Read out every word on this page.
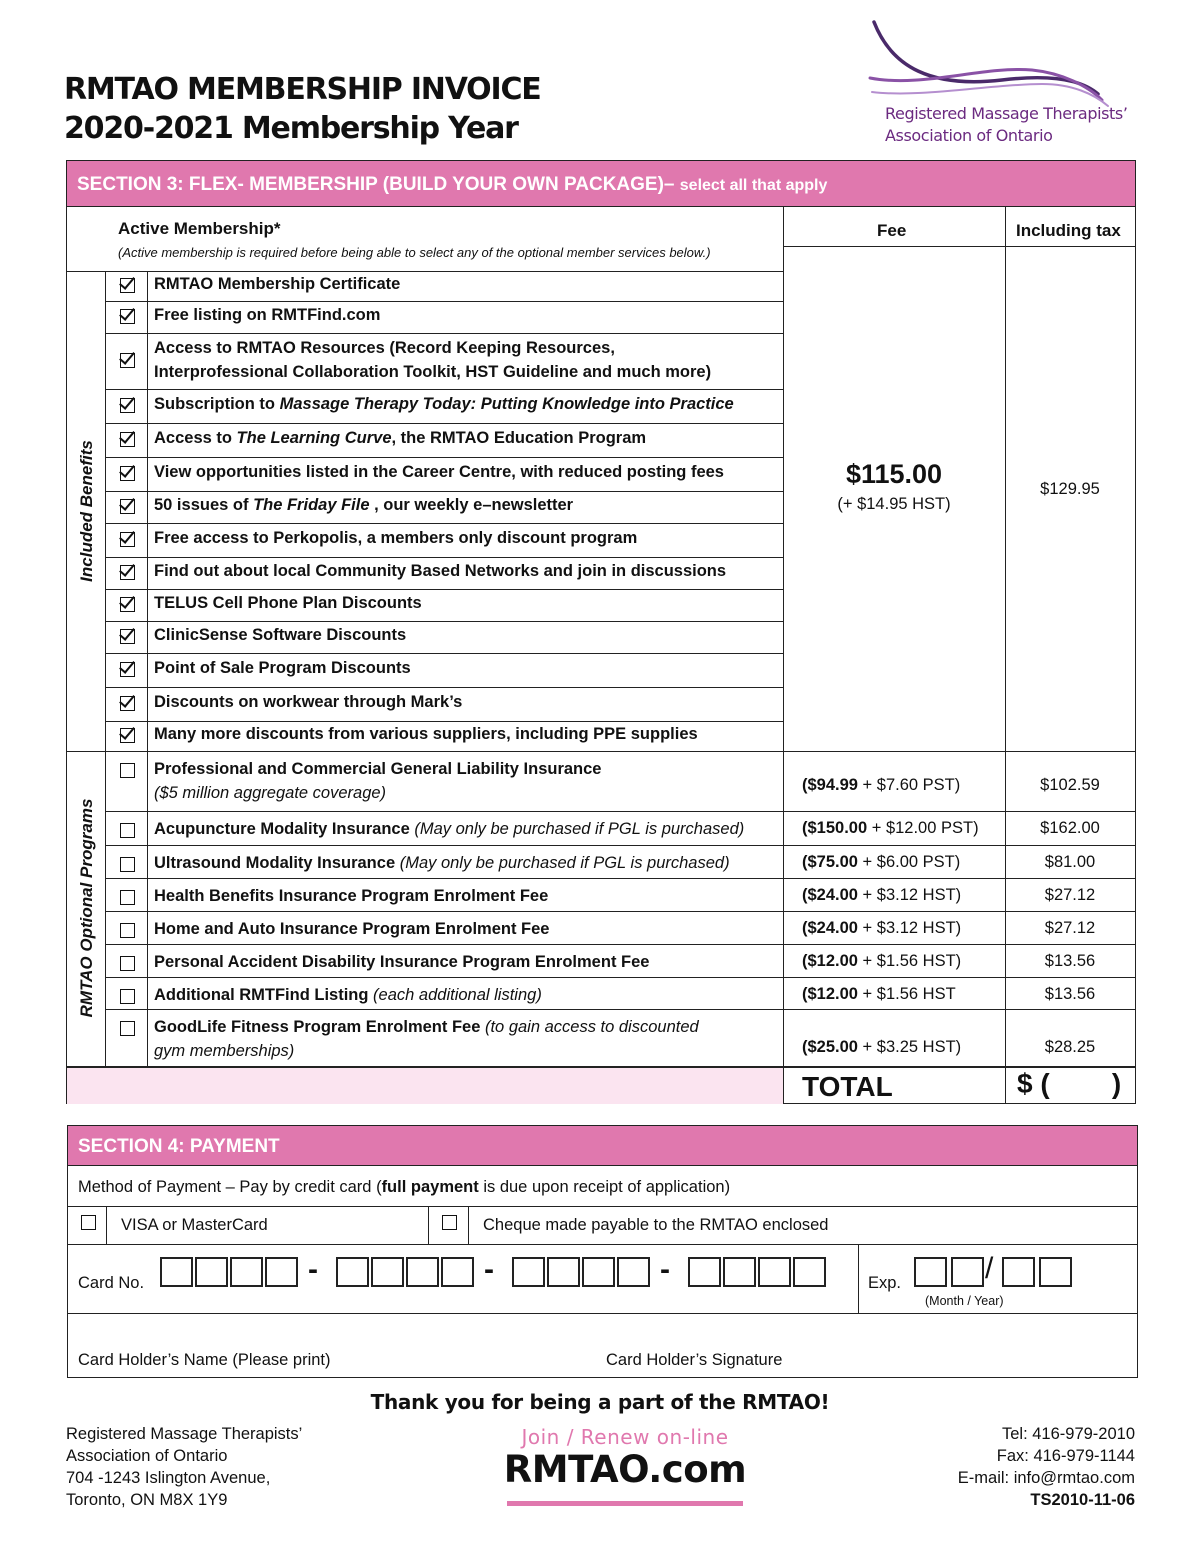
RMTAO MEMBERSHIP INVOICE
2020-2021 Membership Year	Registered Massage Therapists’
Association of Ontario
SECTION 3: FLEX- MEMBERSHIP (BUILD YOUR OWN PACKAGE)– select all that apply
Active Membership*
(Active membership is required before being able to select any of the optional member services below.)
Fee	Including tax
Included Benefits
RMTAO Optional Programs
$115.00
(+ $14.95 HST)
$129.95
TOTAL	$ (        )
RMTAO Membership Certificate
Free listing on RMTFind.com
Access to RMTAO Resources (Record Keeping Resources,
Interprofessional Collaboration Toolkit, HST Guideline and much more)
Subscription to Massage Therapy Today: Putting Knowledge into Practice
Access to The Learning Curve, the RMTAO Education Program
View opportunities listed in the Career Centre, with reduced posting fees
50 issues of The Friday File , our weekly e–newsletter
Free access to Perkopolis, a members only discount program
Find out about local Community Based Networks and join in discussions
TELUS Cell Phone Plan Discounts
ClinicSense Software Discounts
Point of Sale Program Discounts
Discounts on workwear through Mark’s
Many more discounts from various suppliers, including PPE supplies
Professional and Commercial General Liability Insurance
($5 million aggregate coverage)	($94.99 + $7.60 PST)	$102.59
Acupuncture Modality Insurance (May only be purchased if PGL is purchased)	($150.00 + $12.00 PST)	$162.00
Ultrasound Modality Insurance (May only be purchased if PGL is purchased)	($75.00 + $6.00 PST)	$81.00
Health Benefits Insurance Program Enrolment Fee	($24.00 + $3.12 HST)	$27.12
Home and Auto Insurance Program Enrolment Fee	($24.00 + $3.12 HST)	$27.12
Personal Accident Disability Insurance Program Enrolment Fee	($12.00 + $1.56 HST)	$13.56
Additional RMTFind Listing (each additional listing)	($12.00 + $1.56 HST	$13.56
GoodLife Fitness Program Enrolment Fee (to gain access to discounted
gym memberships)	($25.00 + $3.25 HST)	$28.25
SECTION 4: PAYMENT
Method of Payment – Pay by credit card (full payment is due upon receipt of application)
VISA or MasterCard	Cheque made payable to the RMTAO enclosed
Card No.	Exp.	/
(Month / Year)
Card Holder’s Name (Please print)	Card Holder’s Signature
-	-	-
Thank you for being a part of the RMTAO!
Registered Massage Therapists’
Association of Ontario
704 -1243 Islington Avenue,
Toronto, ON M8X 1Y9
Join / Renew on-line
RMTAO.com
Tel: 416-979-2010
Fax: 416-979-1144
E-mail: info@rmtao.com
TS2010-11-06
